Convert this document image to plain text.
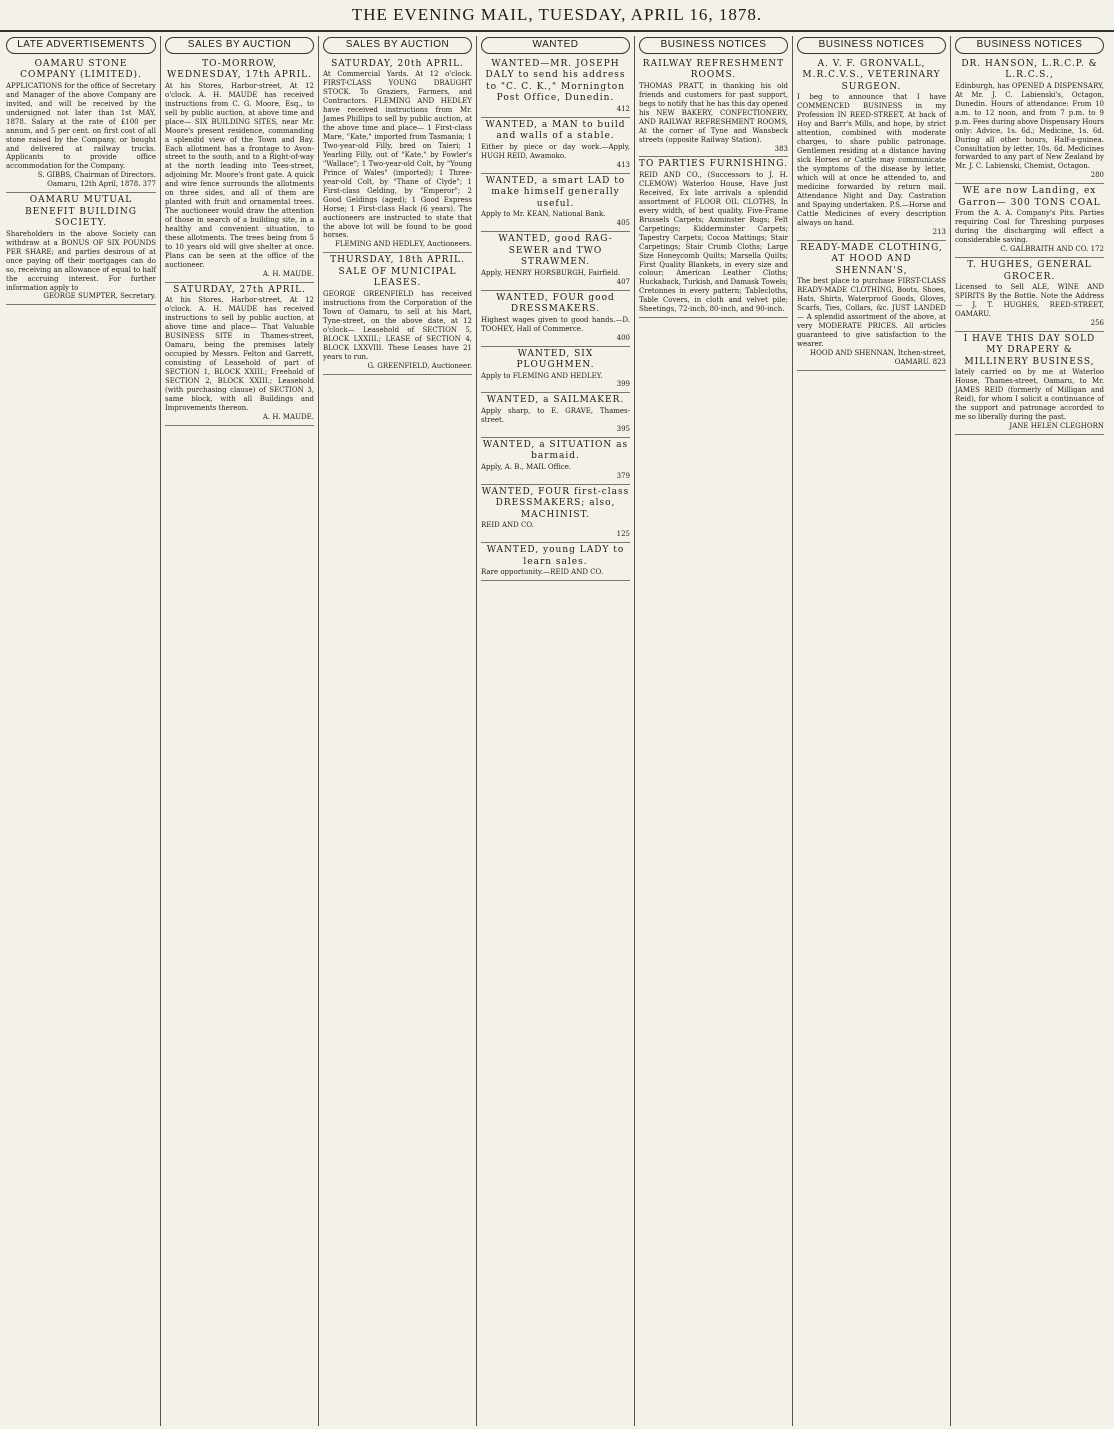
THE EVENING MAIL, TUESDAY, APRIL 16, 1878.
LATE ADVERTISEMENTS
OAMARU STONE COMPANY (LIMITED).

APPLICATIONS for the office of Secretary and Manager of the above Company are invited, and will be received by the undersigned not later than 1st MAY, 1878. Salary at the rate of £100 per annum, and 5 per cent. on first cost of all stone raised by the Company, or bought and delivered at railway trucks. Applicants to provide office accommodation for the Company.

S. GIBBS, Chairman of Directors. Oamaru, 12th April, 1878. 377
OAMARU MUTUAL BENEFIT BUILDING SOCIETY.

Shareholders in the above Society can withdraw at a BONUS OF SIX POUNDS PER SHARE; and parties desirous of at once paying off their mortgages can do so, receiving an allowance of equal to half the accruing interest. For further information apply to

GEORGE SUMPTER, Secretary.
SALES BY AUCTION
TO-MORROW, WEDNESDAY, 17th APRIL.

At his Stores, Harbor-street, At 12 o'clock. A. H. MAUDE has received instructions from C. G. Moore, Esq., to sell by public auction, at above time and place— SIX BUILDING SITES, near Mr. Moore's present residence, commanding a splendid view of the Town and Bay. Each allotment has a frontage to Avon-street to the south, and to a Right-of-way at the north leading into Tees-street, adjoining Mr. Moore's front gate. A quick and wire fence surrounds the allotments on three sides, and all of them are planted with fruit and ornamental trees. The auctioneer would draw the attention of those in search of a building site, in a healthy and convenient situation, to these allotments. The trees being from 5 to 10 years old will give shelter at once. Plans can be seen at the office of the auctioneer.

A. H. MAUDE.
SATURDAY, 27th APRIL.

At his Stores, Harbor-street, At 12 o'clock. A. H. MAUDE has received instructions to sell by public auction, at above time and place— That Valuable BUSINESS SITE in Thames-street, Oamaru, being the premises lately occupied by Messrs. Felton and Garrett, consisting of Leasehold of part of SECTION 1, BLOCK XXIII.; Freehold of SECTION 2, BLOCK XXIII.; Leasehold (with purchasing clause) of SECTION 3, same block, with all Buildings and Improvements thereon.

A. H. MAUDE.
SALES BY AUCTION
SATURDAY, 20th APRIL.

At Commercial Yards. At 12 o'clock. FIRST-CLASS YOUNG DRAUGHT STOCK. To Graziers, Farmers, and Contractors. FLEMING AND HEDLEY have received instructions from Mr. James Phillips to sell by public auction, at the above time and place— 1 First-class Mare, "Kate," imported from Tasmania; 1 Two-year-old Filly, bred on Taieri; 1 Yearling Filly, out of "Kate," by Fowler's "Wallace"; 1 Two-year-old Colt, by "Young Prince of Wales" (imported); 1 Three-year-old Colt, by "Thane of Clyde"; 1 First-class Gelding, by "Emperor"; 2 Good Geldings (aged); 1 Good Express Horse; 1 First-class Hack (6 years). The auctioneers are instructed to state that the above lot will be found to be good horses.

FLEMING AND HEDLEY, Auctioneers.
THURSDAY, 18th APRIL. SALE OF MUNICIPAL LEASES.

GEORGE GREENFIELD has received instructions from the Corporation of the Town of Oamaru, to sell at his Mart, Tyne-street, on the above date, at 12 o'clock— Leasehold of SECTION 5, BLOCK LXXIII.; LEASE of SECTION 4, BLOCK LXXVIII. These Leases have 21 years to run.

G. GREENFIELD, Auctioneer.
WANTED
WANTED—MR. JOSEPH DALY to send his address to "C. C. K.," Mornington Post Office, Dunedin.
412
WANTED, a MAN to build and walls of a stable.

Either by piece or day work.—Apply, HUGH REID, Awamoko.

413
WANTED, a smart LAD to make himself generally useful.

Apply to Mr. KEAN, National Bank.

405
WANTED, good RAG-SEWER and TWO STRAWMEN.

Apply, HENRY HORSBURGH, Fairfield.

407
WANTED, FOUR good DRESSMAKERS.

Highest wages given to good hands.—D. TOOHEY, Hall of Commerce.

400
WANTED, SIX PLOUGHMEN.

Apply to FLEMING AND HEDLEY.

399
WANTED, a SAILMAKER.

Apply sharp, to E. GRAVE, Thames-street.

395
WANTED, a SITUATION as barmaid.

Apply, A. B., MAIL Office.

379
WANTED, FOUR first-class DRESSMAKERS; also, MACHINIST.

REID AND CO.

125
WANTED, young LADY to learn sales.

Rare opportunity.—REID AND CO.

BUSINESS NOTICES
RAILWAY REFRESHMENT ROOMS.

THOMAS PRATT, in thanking his old friends and customers for past support, begs to notify that he has this day opened his NEW BAKERY, CONFECTIONERY, AND RAILWAY REFRESHMENT ROOMS, At the corner of Tyne and Wansbeck streets (opposite Railway Station).

383
TO PARTIES FURNISHING.

REID AND CO., (Successors to J. H. CLEMOW) Waterloo House, Have Just Received, Ex late arrivals a splendid assortment of FLOOR OIL CLOTHS, In every width, of best quality. Five-Frame Brussels Carpets; Axminster Rugs; Felt Carpetings; Kidderminster Carpets; Tapestry Carpets; Cocoa Mattings; Stair Carpetings; Stair Crumb Cloths; Large Size Honeycomb Quilts; Marsella Quilts; First Quality Blankets, in every size and colour; American Leather Cloths; Huckaback, Turkish, and Damask Towels; Cretonnes in every pattern; Tablecloths, Table Covers, in cloth and velvet pile; Sheetings, 72-inch, 80-inch, and 90-inch.

BUSINESS NOTICES
A. V. F. GRONVALL, M.R.C.V.S., VETERINARY SURGEON.

I beg to announce that I have COMMENCED BUSINESS in my Profession IN REED-STREET, At back of Hoy and Barr's Mills, and hope, by strict attention, combined with moderate charges, to share public patronage. Gentlemen residing at a distance having sick Horses or Cattle may communicate the symptoms of the disease by letter, which will at once be attended to, and medicine forwarded by return mail. Attendance Night and Day. Castration and Spaying undertaken. P.S.—Horse and Cattle Medicines of every description always on hand.

213
READY-MADE CLOTHING, AT HOOD AND SHENNAN'S,

The best place to purchase FIRST-CLASS READY-MADE CLOTHING, Boots, Shoes, Hats, Shirts, Waterproof Goods, Gloves, Scarfs, Ties, Collars, &c. JUST LANDED— A splendid assortment of the above, at very MODERATE PRICES. All articles guaranteed to give satisfaction to the wearer.

HOOD AND SHENNAN, Itchen-street, OAMARU. 823
BUSINESS NOTICES
DR. HANSON, L.R.C.P. & L.R.C.S.,

Edinburgh, has OPENED A DISPENSARY, At Mr. J. C. Labienski's, Octagon, Dunedin. Hours of attendance: From 10 a.m. to 12 noon, and from 7 p.m. to 9 p.m. Fees during above Dispensary Hours only: Advice, 1s. 6d.; Medicine, 1s. 6d. During all other hours, Half-a-guinea. Consultation by letter, 10s. 6d. Medicines forwarded to any part of New Zealand by Mr. J. C. Labienski, Chemist, Octagon.

280
WE are now Landing, ex Garron— 300 TONS COAL

From the A. A. Company's Pits. Parties requiring Coal for Threshing purposes during the discharging will effect a considerable saving.

C. GALBRAITH AND CO. 172
T. HUGHES, GENERAL GROCER.

Licensed to Sell ALE, WINE AND SPIRITS By the Bottle. Note the Address— J. T. HUGHES, REED-STREET, OAMARU.

256
I HAVE THIS DAY SOLD MY DRAPERY & MILLINERY BUSINESS,

lately carried on by me at Waterloo House, Thames-street, Oamaru, to Mr. JAMES REID (formerly of Milligan and Reid), for whom I solicit a continuance of the support and patronage accorded to me so liberally during the past.

JANE HELEN CLEGHORN
